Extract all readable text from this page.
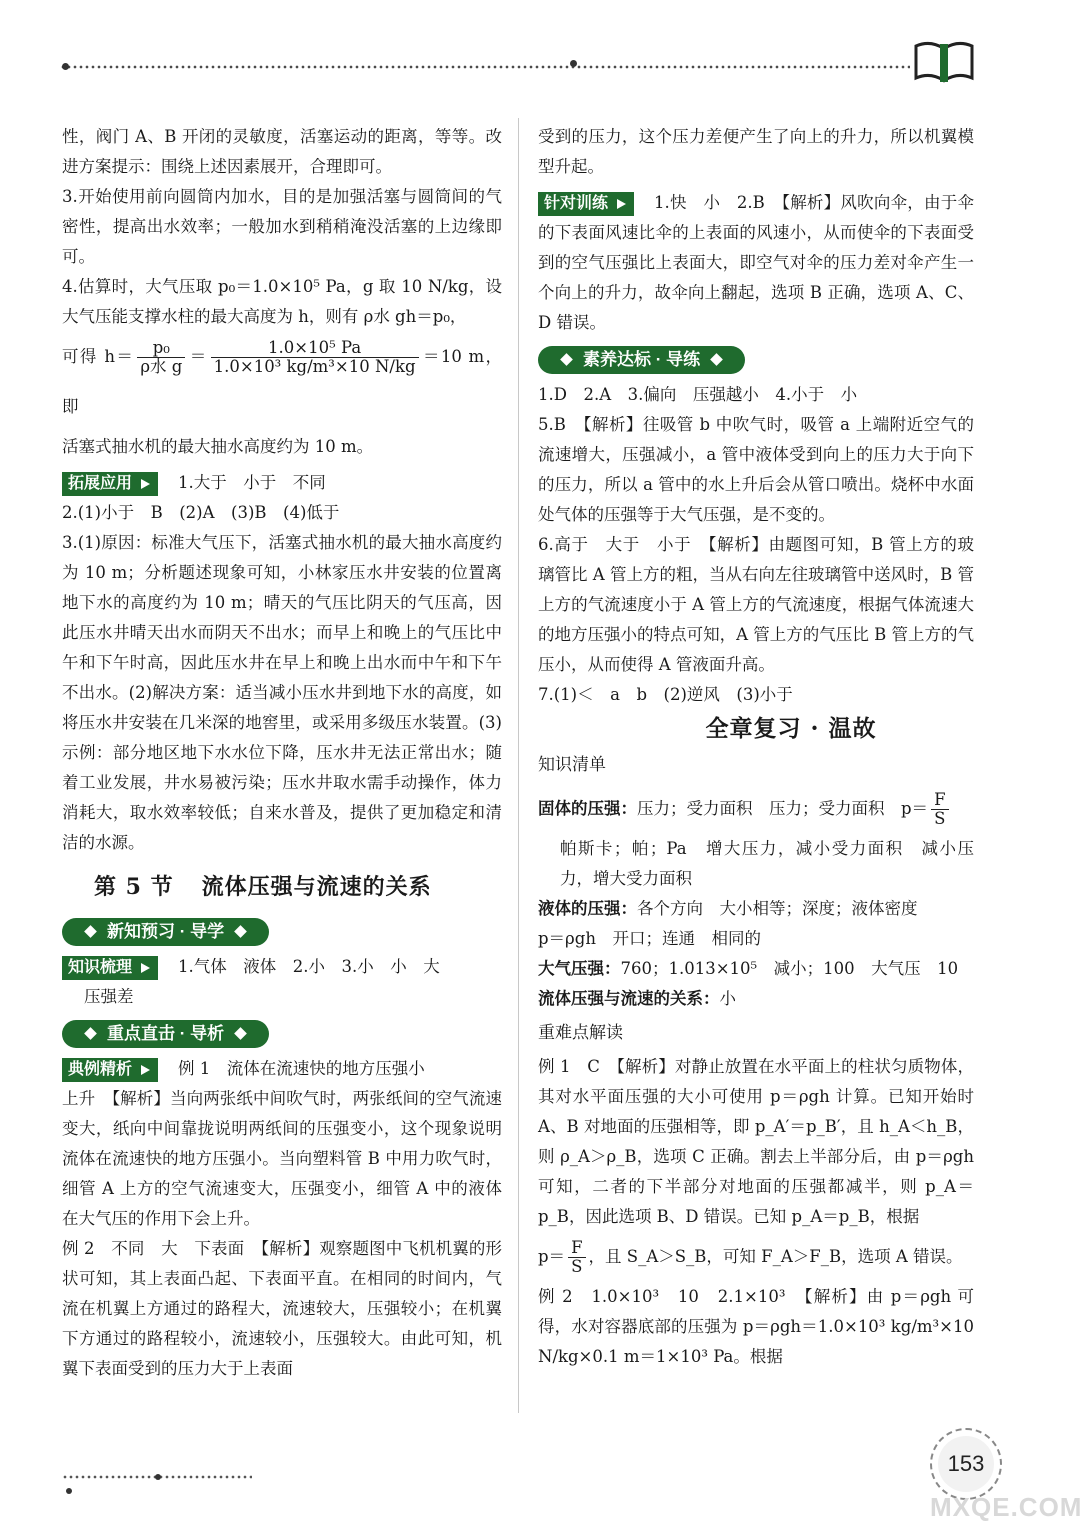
性，阀门 A、B 开闭的灵敏度，活塞运动的距离，等等。改进方案提示：围绕上述因素展开，合理即可。

3.开始使用前向圆筒内加水，目的是加强活塞与圆筒间的气密性，提高出水效率；一般加水到稍稍淹没活塞的上边缘即可。

4.估算时，大气压取 p₀＝1.0×10⁵ Pa，g 取 10 N/kg，设大气压能支撑水柱的最大高度为 h，则有 ρ水 gh＝p₀，

可得 $h= \frac{\text{p₀}}{\text{ρ水 g}} = \frac{\text{1.0×10⁵ Pa}}{\text{1.0×10³ kg/m³×10 N/kg}} =10$ m，即

活塞式抽水机的最大抽水高度约为 10 m。

拓展应用	1.大于　小于　不同

2.(1)小于　B　(2)A　(3)B　(4)低于

3.(1)原因：标准大气压下，活塞式抽水机的最大抽水高度约为 10 m；分析题述现象可知，小林家压水井安装的位置离地下水的高度约为 10 m；晴天的气压比阴天的气压高，因此压水井晴天出水而阴天不出水；而早上和晚上的气压比中午和下午时高，因此压水井在早上和晚上出水而中午和下午不出水。(2)解决方案：适当减小压水井到地下水的高度，如将压水井安装在几米深的地窖里，或采用多级压水装置。(3)示例：部分地区地下水水位下降，压水井无法正常出水；随着工业发展，井水易被污染；压水井取水需手动操作，体力消耗大，取水效率较低；自来水普及，提供了更加稳定和清洁的水源。

第 5 节 流体压强与流速的关系
新知预习 · 导学

知识梳理	1.气体　液体　2.小　3.小　小　大

压强差

重点直击 · 导析

典例精析	例 1　流体在流速快的地方压强小

上升　【解析】当向两张纸中间吹气时，两张纸间的空气流速变大，纸向中间靠拢说明两纸间的压强变小，这个现象说明流体在流速快的地方压强小。当向塑料管 B 中用力吹气时，细管 A 上方的空气流速变大，压强变小，细管 A 中的液体在大气压的作用下会上升。

例 2　不同　大　下表面　【解析】观察题图中飞机机翼的形状可知，其上表面凸起、下表面平直。在相同的时间内，气流在机翼上方通过的路程大，流速较大，压强较小；在机翼下方通过的路程较小，流速较小，压强较大。由此可知，机翼下表面受到的压力大于上表面

受到的压力，这个压力差便产生了向上的升力，所以机翼模型升起。

针对训练	1.快　小　2.B　【解析】风吹向伞，由于伞的下表面风速比伞的上表面的风速小，从而使伞的下表面受到的空气压强比上表面大，即空气对伞的压力差对伞产生一个向上的升力，故伞向上翻起，选项 B 正确，选项 A、C、D 错误。

素养达标 · 导练

1.D　2.A　3.偏向　压强越小　4.小于　小

5.B　【解析】往吸管 b 中吹气时，吸管 a 上端附近空气的流速增大，压强减小，a 管中液体受到向上的压力大于向下的压力，所以 a 管中的水上升后会从管口喷出。烧杯中水面处气体的压强等于大气压强，是不变的。

6.高于　大于　小于　【解析】由题图可知，B 管上方的玻璃管比 A 管上方的粗，当从右向左往玻璃管中送风时，B 管上方的气流速度小于 A 管上方的气流速度，根据气体流速大的地方压强小的特点可知，A 管上方的气压比 B 管上方的气压小，从而使得 A 管液面升高。

7.(1)＜　a　b　(2)逆风　(3)小于

全章复习 · 温故
知识清单

固体的压强：压力；受力面积　压力；受力面积　$p= \frac{F}{S}$

帕斯卡；帕；Pa　增大压力，减小受力面积　减小压力，增大受力面积

液体的压强：各个方向　大小相等；深度；液体密度

p＝ρgh　开口；连通　相同的

大气压强：760；1.013×10⁵　减小；100　大气压　10

流体压强与流速的关系：小

重难点解读

例 1　C　【解析】对静止放置在水平面上的柱状匀质物体，其对水平面压强的大小可使用 p＝ρgh 计算。已知开始时 A、B 对地面的压强相等，即 p_A′＝p_B′，且 h_A＜h_B，则 ρ_A＞ρ_B，选项 C 正确。割去上半部分后，由 p＝ρgh 可知，二者的下半部分对地面的压强都减半，则 p_A＝p_B，因此选项 B、D 错误。已知 p_A＝p_B，根据

$p= \frac{F}{S}$ ，且 S_A＞S_B，可知 F_A＞F_B，选项 A 错误。

例 2　1.0×10³　10　2.1×10³　【解析】由 p＝ρgh 可得，水对容器底部的压强为 p＝ρgh＝1.0×10³ kg/m³×10 N/kg×0.1 m＝1×10³ Pa。根据

153
MXQE.COM
